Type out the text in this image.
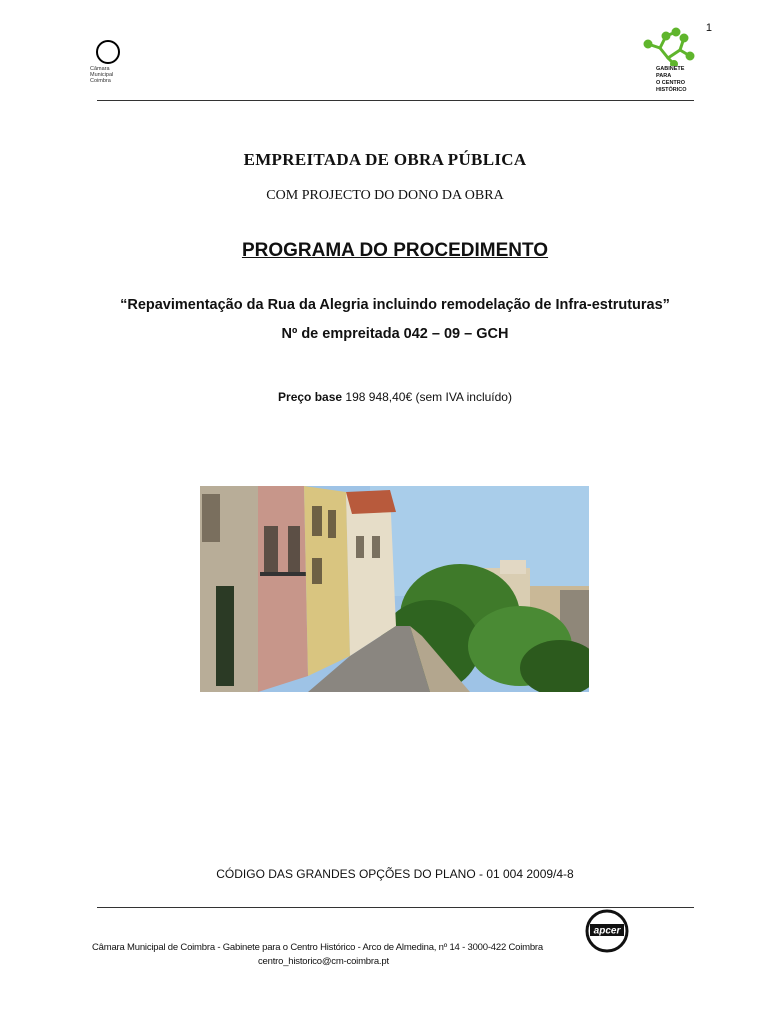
1
Câmara
Municipal
Coimbra
GABINETE
PARA
O CENTRO
HISTÓRICO
EMPREITADA DE OBRA PÚBLICA
COM PROJECTO DO DONO DA OBRA
PROGRAMA DO PROCEDIMENTO
“Repavimentação da Rua da Alegria incluindo remodelação de Infra-estruturas”
Nº de empreitada 042 – 09 – GCH
Preço base 198 948,40€ (sem IVA incluído)
CÓDIGO DAS GRANDES OPÇÕES DO PLANO - 01 004 2009/4-8
apcer
Câmara Municipal de Coimbra - Gabinete para o Centro Histórico - Arco de Almedina, nº 14 - 3000-422 Coimbra
centro_historico@cm-coimbra.pt
